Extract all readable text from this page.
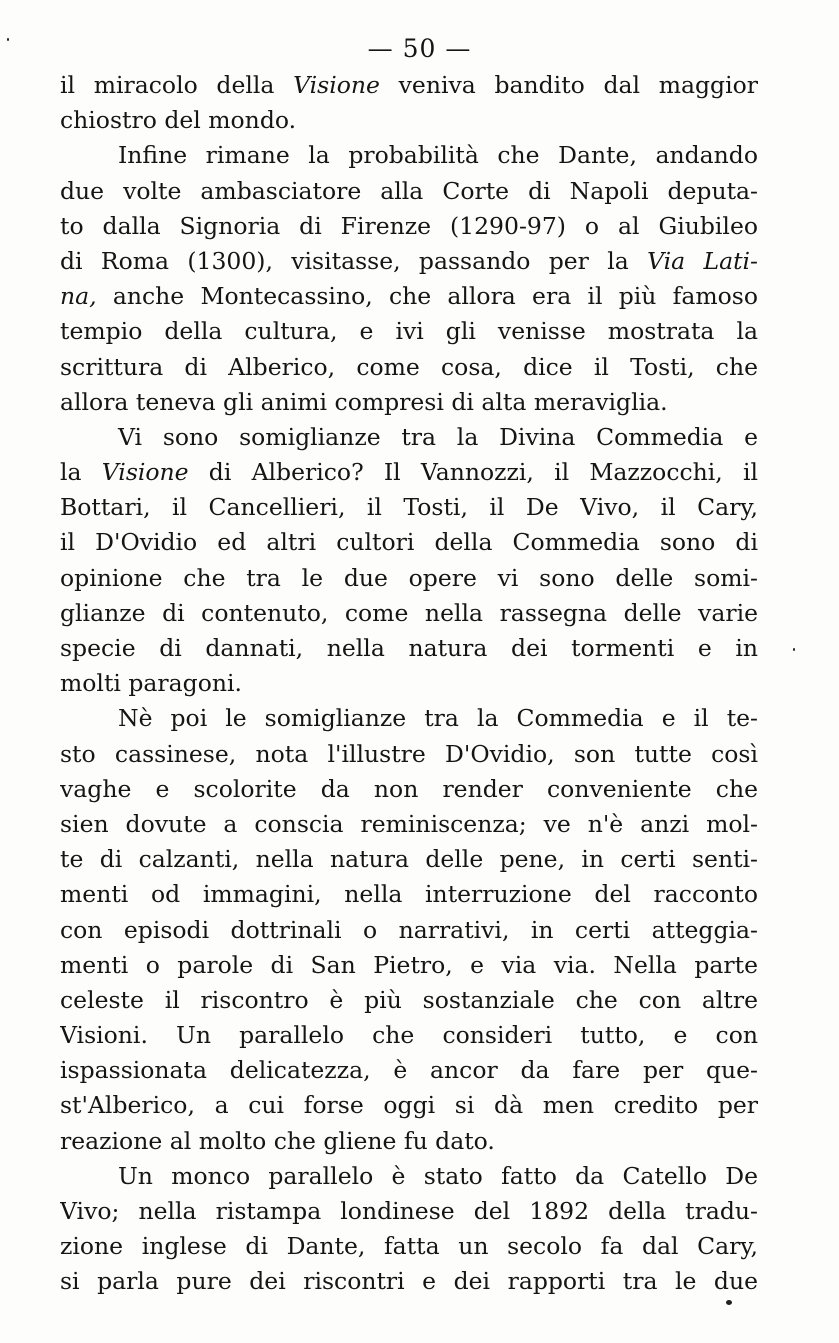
— 50 —
il miracolo della Visione veniva bandito dal maggior
chiostro del mondo.
Infine rimane la probabilità che Dante, andando
due volte ambasciatore alla Corte di Napoli deputa-
to dalla Signoria di Firenze (1290-97) o al Giubileo
di Roma (1300), visitasse, passando per la Via Lati-
na, anche Montecassino, che allora era il più famoso
tempio della cultura, e ivi gli venisse mostrata la
scrittura di Alberico, come cosa, dice il Tosti, che
allora teneva gli animi compresi di alta meraviglia.
Vi sono somiglianze tra la Divina Commedia e
la Visione di Alberico? Il Vannozzi, il Mazzocchi, il
Bottari, il Cancellieri, il Tosti, il De Vivo, il Cary,
il D'Ovidio ed altri cultori della Commedia sono di
opinione che tra le due opere vi sono delle somi-
glianze di contenuto, come nella rassegna delle varie
specie di dannati, nella natura dei tormenti e in
molti paragoni.
Nè poi le somiglianze tra la Commedia e il te-
sto cassinese, nota l'illustre D'Ovidio, son tutte così
vaghe e scolorite da non render conveniente che
sien dovute a conscia reminiscenza; ve n'è anzi mol-
te di calzanti, nella natura delle pene, in certi senti-
menti od immagini, nella interruzione del racconto
con episodi dottrinali o narrativi, in certi atteggia-
menti o parole di San Pietro, e via via. Nella parte
celeste il riscontro è più sostanziale che con altre
Visioni. Un parallelo che consideri tutto, e con
ispassionata delicatezza, è ancor da fare per que-
st'Alberico, a cui forse oggi si dà men credito per
reazione al molto che gliene fu dato.
Un monco parallelo è stato fatto da Catello De
Vivo; nella ristampa londinese del 1892 della tradu-
zione inglese di Dante, fatta un secolo fa dal Cary,
si parla pure dei riscontri e dei rapporti tra le due
